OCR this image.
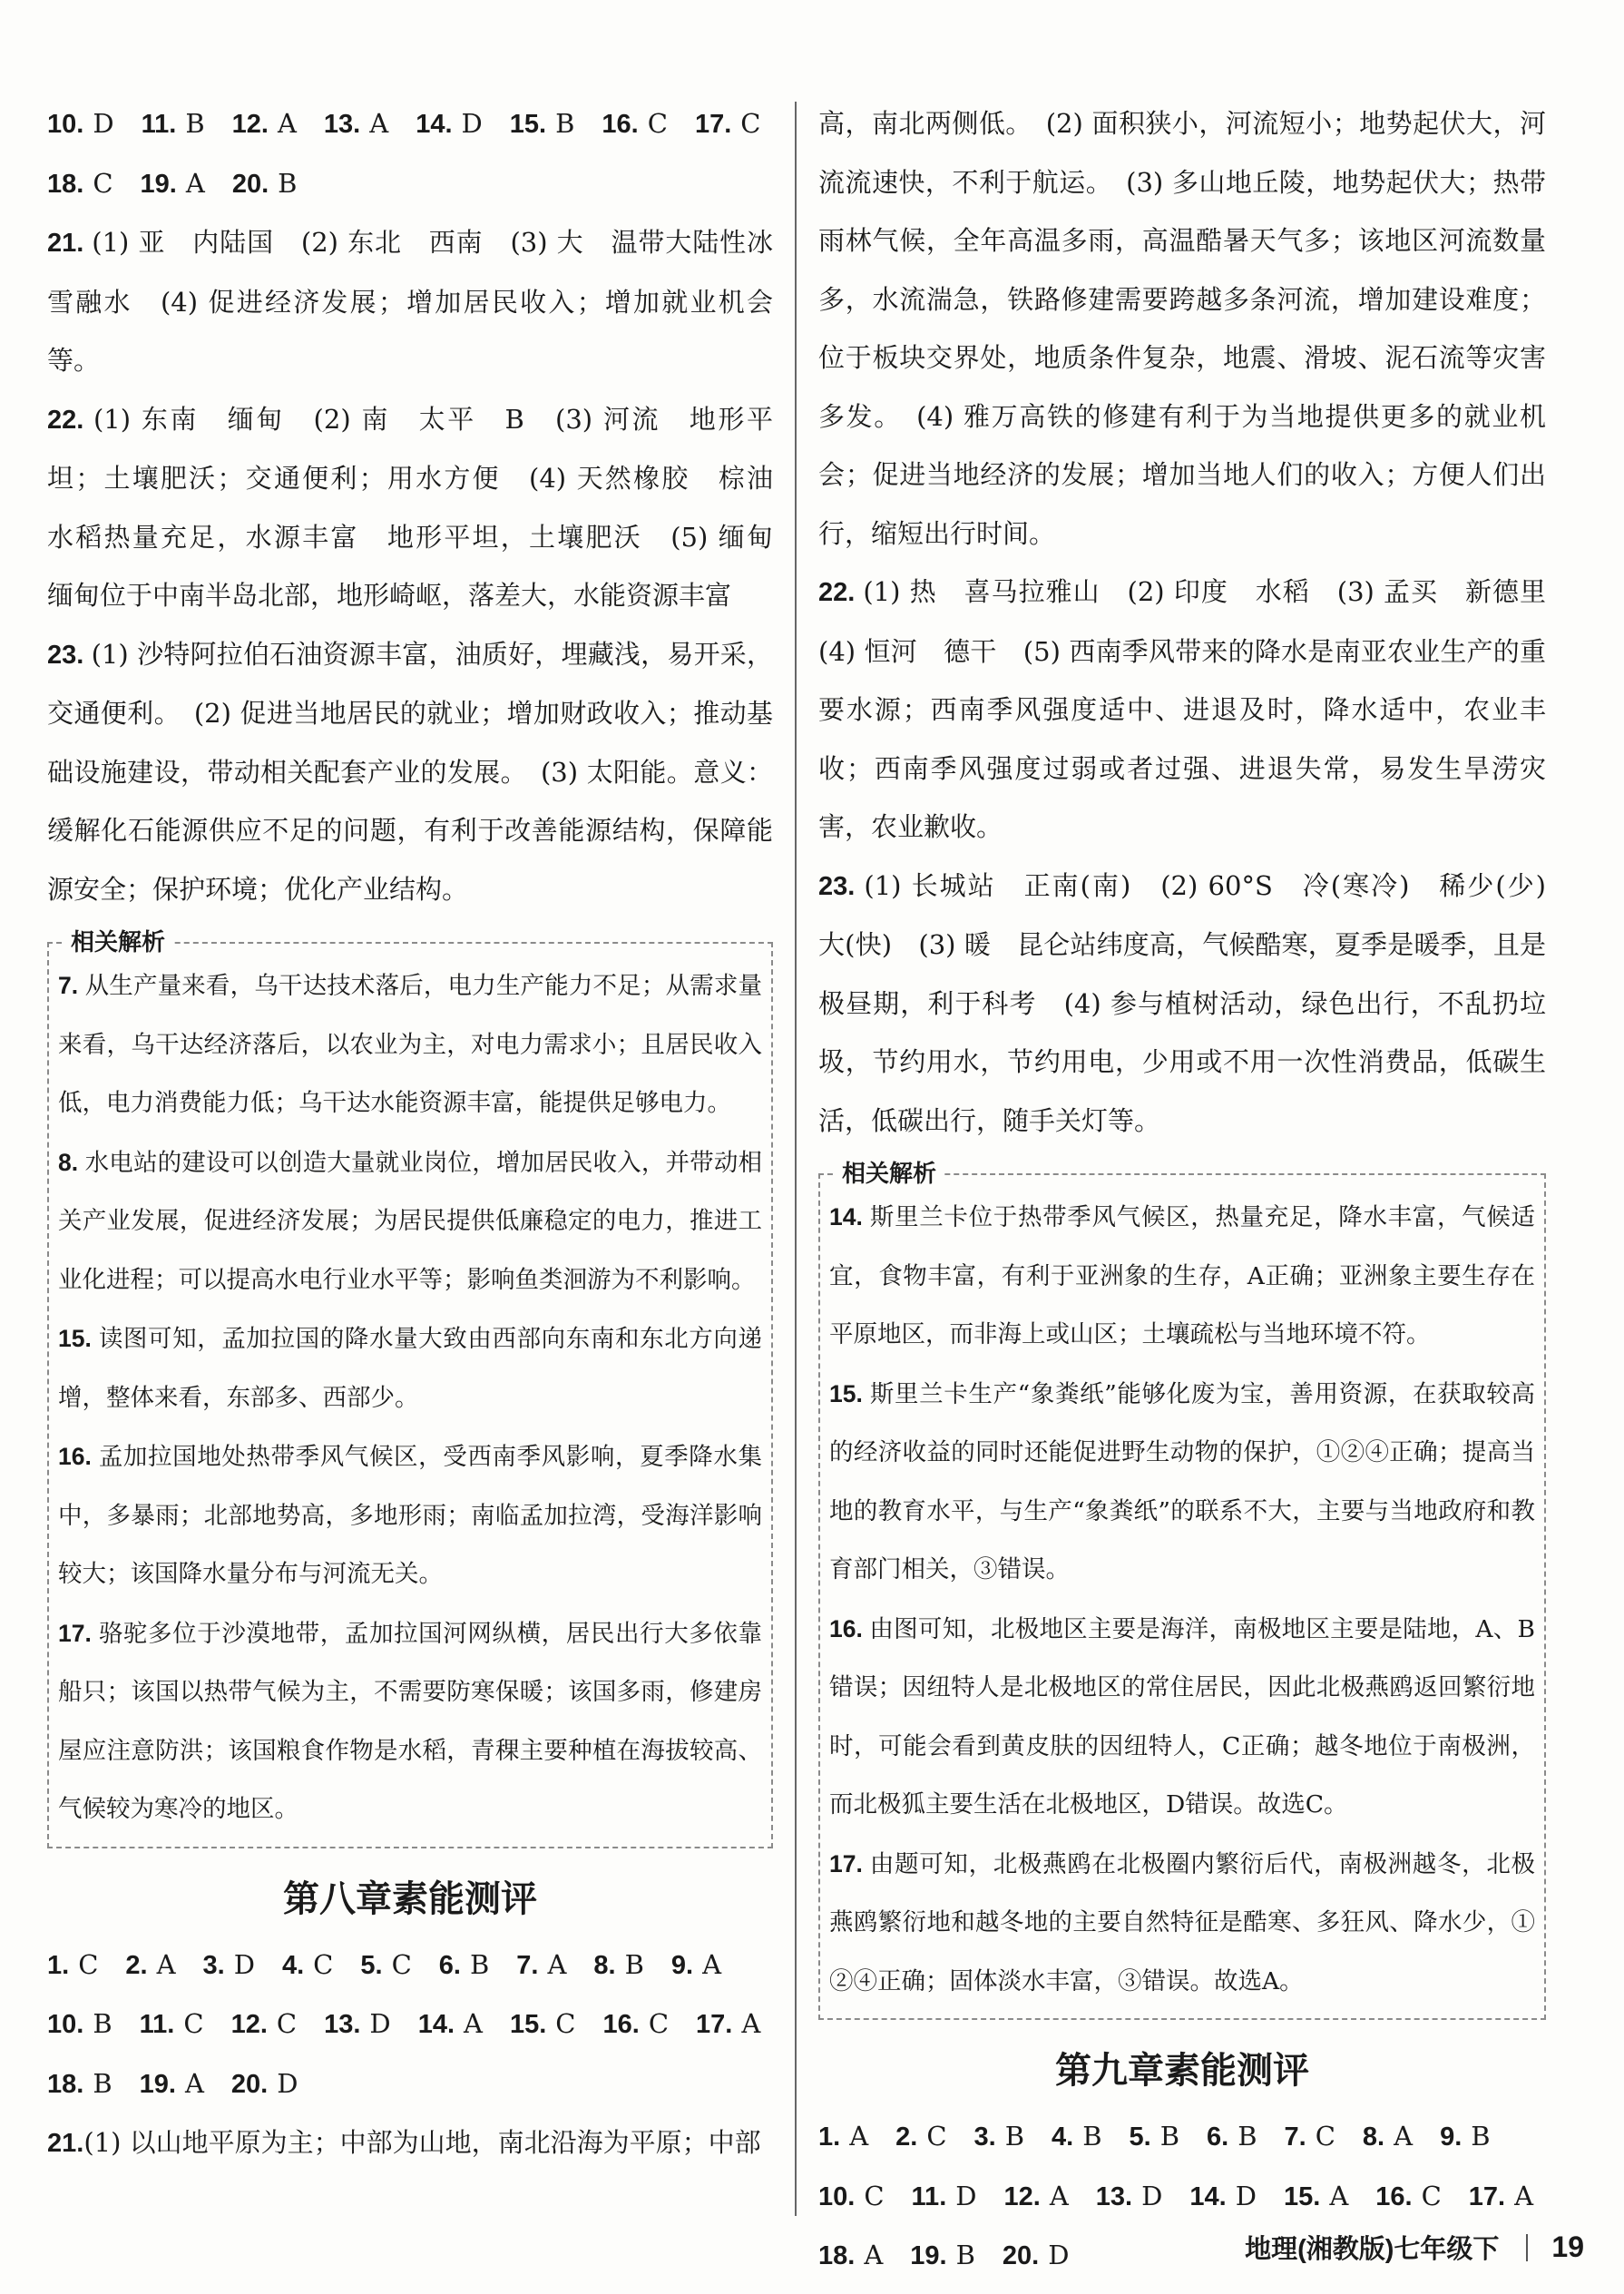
10. D 11. B 12. A 13. A 14. D 15. B 16. C 17. C
18. C 19. A 20. B

21. (1) 亚　内陆国　(2) 东北　西南　(3) 大　温带大陆性冰雪融水　(4) 促进经济发展；增加居民收入；增加就业机会等。

22. (1) 东南　缅甸　(2) 南　太平　B　(3) 河流　地形平坦；土壤肥沃；交通便利；用水方便　(4) 天然橡胶　棕油　水稻热量充足，水源丰富　地形平坦，土壤肥沃　(5) 缅甸　缅甸位于中南半岛北部，地形崎岖，落差大，水能资源丰富

23. (1) 沙特阿拉伯石油资源丰富，油质好，埋藏浅，易开采，交通便利。　(2) 促进当地居民的就业；增加财政收入；推动基础设施建设，带动相关配套产业的发展。　(3) 太阳能。意义：缓解化石能源供应不足的问题，有利于改善能源结构，保障能源安全；保护环境；优化产业结构。

相关解析

7. 从生产量来看，乌干达技术落后，电力生产能力不足；从需求量来看，乌干达经济落后，以农业为主，对电力需求小；且居民收入低，电力消费能力低；乌干达水能资源丰富，能提供足够电力。

8. 水电站的建设可以创造大量就业岗位，增加居民收入，并带动相关产业发展，促进经济发展；为居民提供低廉稳定的电力，推进工业化进程；可以提高水电行业水平等；影响鱼类洄游为不利影响。

15. 读图可知，孟加拉国的降水量大致由西部向东南和东北方向递增，整体来看，东部多、西部少。

16. 孟加拉国地处热带季风气候区，受西南季风影响，夏季降水集中，多暴雨；北部地势高，多地形雨；南临孟加拉湾，受海洋影响较大；该国降水量分布与河流无关。

17. 骆驼多位于沙漠地带，孟加拉国河网纵横，居民出行大多依靠船只；该国以热带气候为主，不需要防寒保暖；该国多雨，修建房屋应注意防洪；该国粮食作物是水稻，青稞主要种植在海拔较高、气候较为寒冷的地区。

第八章素能测评
1. C 2. A 3. D 4. C 5. C 6. B 7. A 8. B 9. A
10. B 11. C 12. C 13. D 14. A 15. C 16. C 17. A
18. B 19. A 20. D

21.(1) 以山地平原为主；中部为山地，南北沿海为平原；中部

高，南北两侧低。　(2) 面积狭小，河流短小；地势起伏大，河流流速快，不利于航运。　(3) 多山地丘陵，地势起伏大；热带雨林气候，全年高温多雨，高温酷暑天气多；该地区河流数量多，水流湍急，铁路修建需要跨越多条河流，增加建设难度；位于板块交界处，地质条件复杂，地震、滑坡、泥石流等灾害多发。　(4) 雅万高铁的修建有利于为当地提供更多的就业机会；促进当地经济的发展；增加当地人们的收入；方便人们出行，缩短出行时间。

22. (1) 热　喜马拉雅山　(2) 印度　水稻　(3) 孟买　新德里(4) 恒河　德干　(5) 西南季风带来的降水是南亚农业生产的重要水源；西南季风强度适中、进退及时，降水适中，农业丰收；西南季风强度过弱或者过强、进退失常，易发生旱涝灾害，农业歉收。

23. (1) 长城站　正南(南)　(2) 60°S　冷(寒冷)　稀少(少)　大(快)　(3) 暖　昆仑站纬度高，气候酷寒，夏季是暖季，且是极昼期，利于科考　(4) 参与植树活动，绿色出行，不乱扔垃圾，节约用水，节约用电，少用或不用一次性消费品，低碳生活，低碳出行，随手关灯等。

相关解析

14. 斯里兰卡位于热带季风气候区，热量充足，降水丰富，气候适宜，食物丰富，有利于亚洲象的生存，A正确；亚洲象主要生存在平原地区，而非海上或山区；土壤疏松与当地环境不符。

15. 斯里兰卡生产“象粪纸”能够化废为宝，善用资源，在获取较高的经济收益的同时还能促进野生动物的保护，①②④正确；提高当地的教育水平，与生产“象粪纸”的联系不大，主要与当地政府和教育部门相关，③错误。

16. 由图可知，北极地区主要是海洋，南极地区主要是陆地，A、B错误；因纽特人是北极地区的常住居民，因此北极燕鸥返回繁衍地时，可能会看到黄皮肤的因纽特人，C正确；越冬地位于南极洲，而北极狐主要生活在北极地区，D错误。故选C。

17. 由题可知，北极燕鸥在北极圈内繁衍后代，南极洲越冬，北极燕鸥繁衍地和越冬地的主要自然特征是酷寒、多狂风、降水少，①②④正确；固体淡水丰富，③错误。故选A。

第九章素能测评
1. A 2. C 3. B 4. B 5. B 6. B 7. C 8. A 9. B
10. C 11. D 12. A 13. D 14. D 15. A 16. C 17. A
18. A 19. B 20. D	地理(湘教版)七年级下 19
